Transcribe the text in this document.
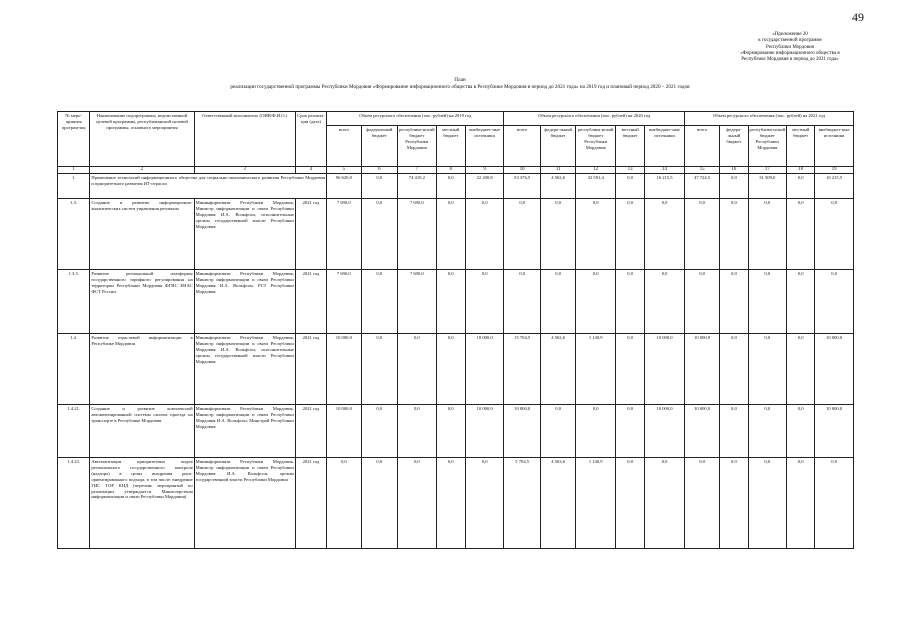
49
«Приложение 20
к государственной программе
Республики Мордовия
«Формирование информационного общества в
Республике Мордовия в период до 2021 года»
План
реализации государственной программы Республики Мордовия «Формирование информационного общества в Республике Мордовия в период до 2021 года» на 2019 год и плановый период 2020 – 2021 годов
№ меро-приятия програм-мы	Наименование подпрограммы, ведомственной целевой программы, республиканской целевой программы, основного мероприятия	Ответственный исполнитель (ОИВ/Ф.И.О.)	Срок реализа-ции (дата)	Объем ресурсного обеспечения (тыс. рублей) на 2019 год					Объем ресурсного обеспечения (тыс. рублей) на 2020 год					Объем ресурсного обеспечения (тыс. рублей) на 2021 год				
				всего	федеральный бюджет	республика-нский бюджет Республики Мордовия	местный бюджет	внебюджет-ные источники	всего	федера-льный бюджет	республика-нский бюджет Республики Мордовия	местный бюджет	внебюджет-ные источники	всего	федера-льный бюджет	республика-нский бюджет Республики Мордовия	местный бюджет	внебюджет-ные источники
1	2	3	4	5	6	7	8	9	10	11	12	13	14	15	16	17	18	19
1.	Применение технологий информационного общества для социально-экономического развития Республики Мордовия и приоритетного развития ИТ-отрасли			96 620,0	0,0	74 419,2	0,0	22 200,8	53 376,5	4 563,6	32 591,4	0,0	16 215,5	47 724,5	0,0	31 509,0	0,0	16 215,5
1.3.	Создание и развитие информационно-аналитических систем управления регионом	Мининформсвязи Республики Мордовия, Министр информатизации и связи Республики Мордовия И.А. Вольфсон, исполнительные органы государственной власти Республики Мордовия	2021 год	7 690,0	0,0	7 690,0	0,0	0,0	0,0	0,0	0,0	0,0	0,0	0,0	0,0	0,0	0,0	0,0
1.3.3.	Развитие региональной платформы государственного тарифного регулирования на территории Республики Мордовия ФГИС ЕИАС ФСТ России	Мининформсвязи Республики Мордовия, Министр информатизации и связи Республики Мордовия И.А. Вольфсон, РСТ Республики Мордовия	2021 год	7 690,0	0,0	7 690,0	0,0	0,0	0,0	0,0	0,0	0,0	0,0	0,0	0,0	0,0	0,0	0,0
1.4.	Развитие отраслевой информатизации в Республике Мордовия	Мининформсвязи Республики Мордовия, Министр информатизации и связи Республики Мордовия И.А. Вольфсон, исполнительные органы государственной власти Республики Мордовия	2021 год	10 000,0	0,0	0,0	0,0	10 000,0	15 704,5	4 563,6	1 140,9	0,0	10 000,0	10 000,0	0,0	0,0	0,0	10 000,0
1.4.21.	Создание и развитие комплексной автоматизированной системы оплаты проезда на транспорте в Республике Мордовия	Мининформсвязи Республики Мордовия, Министр информатизации и связи Республики Мордовия И.А. Вольфсон, Минстрой Республики Мордовия	2021 год	10 000,0	0,0	0,0	0,0	10 000,0	10 000,0	0,0	0,0	0,0	10 000,0	10 000,0	0,0	0,0	0,0	10 000,0
1.4.23.	Автоматизация приоритетных видов регионального государственного контроля (надзора) в целях внедрения риск-ориентированного подхода, в том числе: внедрение ГИС ТОР КНД (перечень мероприятий по реализации утверждается Министерством информатизации и связи Республики Мордовия)	Мининформсвязи Республики Мордовия, Министр информатизации и связи Республики Мордовия И.А. Вольфсон, органы государственной власти Республики Мордовия	2021 год	0,0	0,0	0,0	0,0	0,0	5 704,5	4 563,6	1 140,9	0,0	0,0	0,0	0,0	0,0	0,0	0,0
